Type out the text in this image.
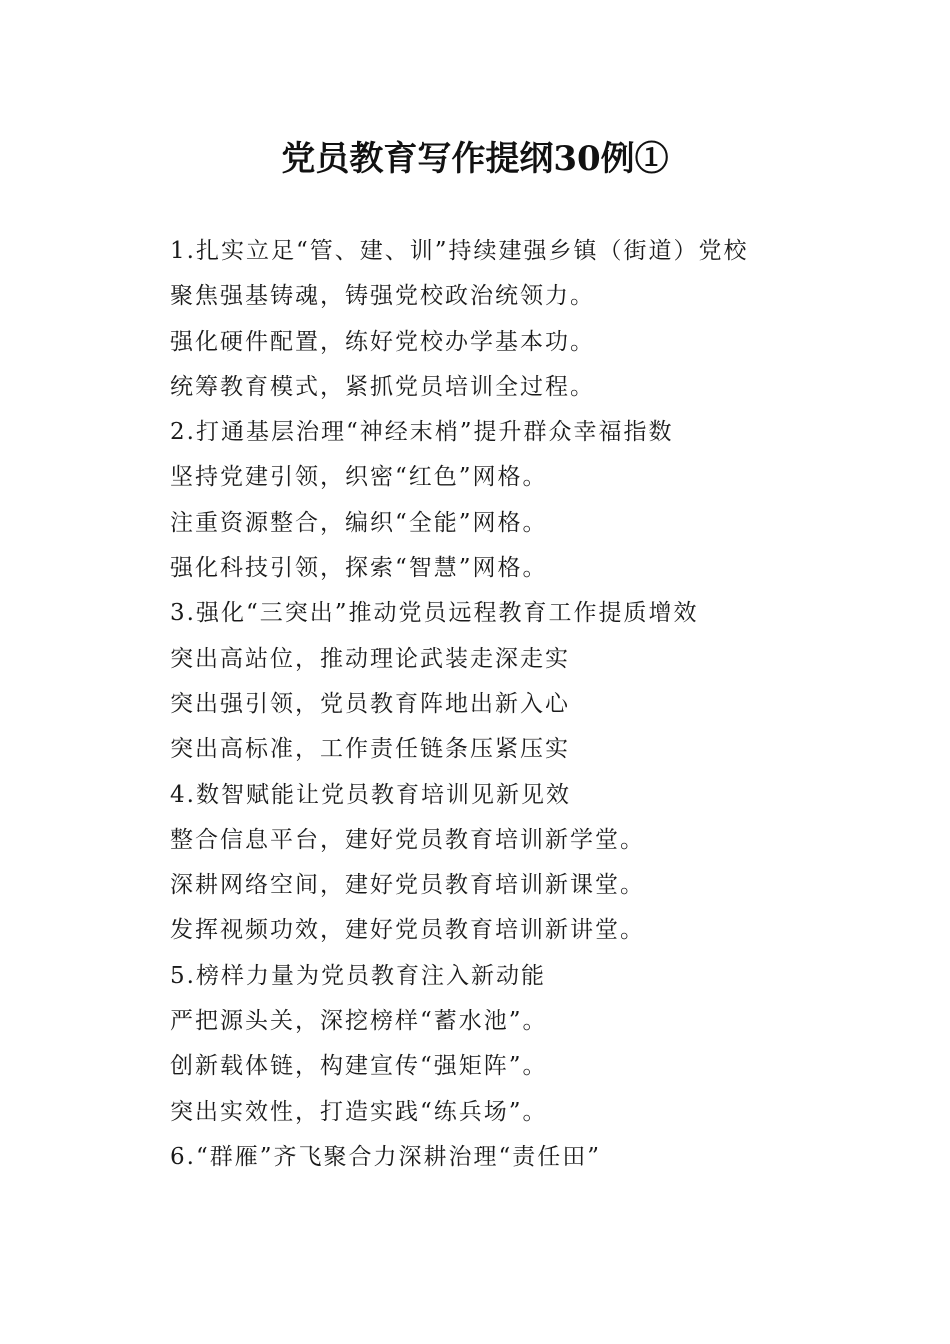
党员教育写作提纲30例①
1.扎实立足“管、建、训”持续建强乡镇（街道）党校
聚焦强基铸魂，铸强党校政治统领力。
强化硬件配置，练好党校办学基本功。
统筹教育模式，紧抓党员培训全过程。
2.打通基层治理“神经末梢”提升群众幸福指数
坚持党建引领，织密“红色”网格。
注重资源整合，编织“全能”网格。
强化科技引领，探索“智慧”网格。
3.强化“三突出”推动党员远程教育工作提质增效
突出高站位，推动理论武装走深走实
突出强引领，党员教育阵地出新入心
突出高标准，工作责任链条压紧压实
4.数智赋能让党员教育培训见新见效
整合信息平台，建好党员教育培训新学堂。
深耕网络空间，建好党员教育培训新课堂。
发挥视频功效，建好党员教育培训新讲堂。
5.榜样力量为党员教育注入新动能
严把源头关，深挖榜样“蓄水池”。
创新载体链，构建宣传“强矩阵”。
突出实效性，打造实践“练兵场”。
6.“群雁”齐飞聚合力深耕治理“责任田”
